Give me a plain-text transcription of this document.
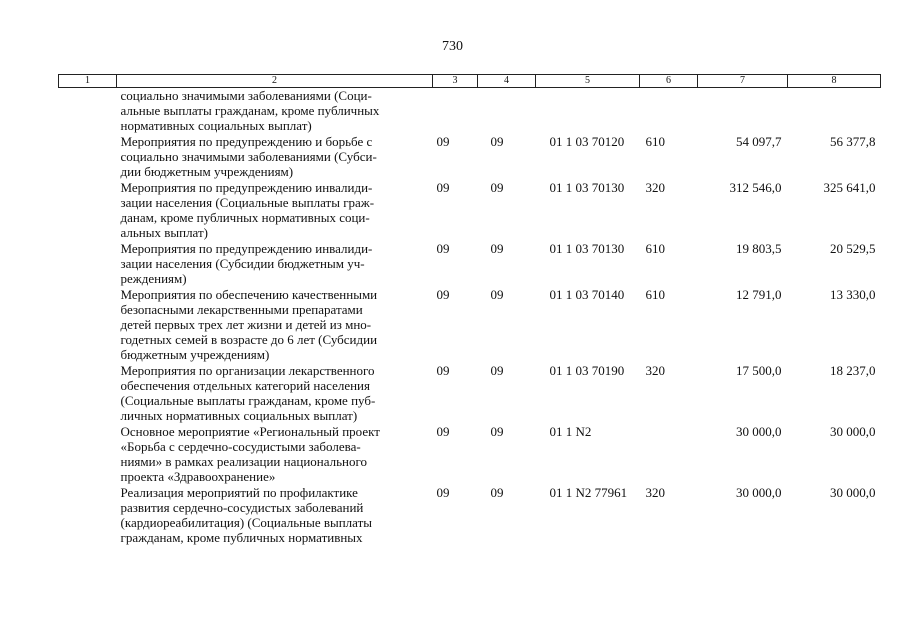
730
1	2	3	4	5	6	7	8
	социально значимыми заболеваниями (Соци-
альные выплаты гражданам, кроме публичных
нормативных социальных выплат)						
	Мероприятия по предупреждению и борьбе с
социально значимыми заболеваниями (Субси-
дии бюджетным учреждениям)	09	09	01 1 03 70120	610	54 097,7	56 377,8
	Мероприятия по предупреждению инвалиди-
зации населения (Социальные выплаты граж-
данам, кроме публичных нормативных соци-
альных выплат)	09	09	01 1 03 70130	320	312 546,0	325 641,0
	Мероприятия по предупреждению инвалиди-
зации населения (Субсидии бюджетным уч-
реждениям)	09	09	01 1 03 70130	610	19 803,5	20 529,5
	Мероприятия по обеспечению качественными
безопасными лекарственными препаратами
детей первых трех лет жизни и детей из мно-
годетных семей в возрасте до 6 лет (Субсидии
бюджетным учреждениям)	09	09	01 1 03 70140	610	12 791,0	13 330,0
	Мероприятия по организации лекарственного
обеспечения отдельных категорий населения
(Социальные выплаты гражданам, кроме пуб-
личных нормативных социальных выплат)	09	09	01 1 03 70190	320	17 500,0	18 237,0
	Основное мероприятие «Региональный проект
«Борьба с сердечно-сосудистыми заболева-
ниями» в рамках реализации национального
проекта «Здравоохранение»	09	09	01 1 N2		30 000,0	30 000,0
	Реализация мероприятий по профилактике
развития сердечно-сосудистых заболеваний
(кардиореабилитация) (Социальные выплаты
гражданам, кроме публичных нормативных	09	09	01 1 N2 77961	320	30 000,0	30 000,0
